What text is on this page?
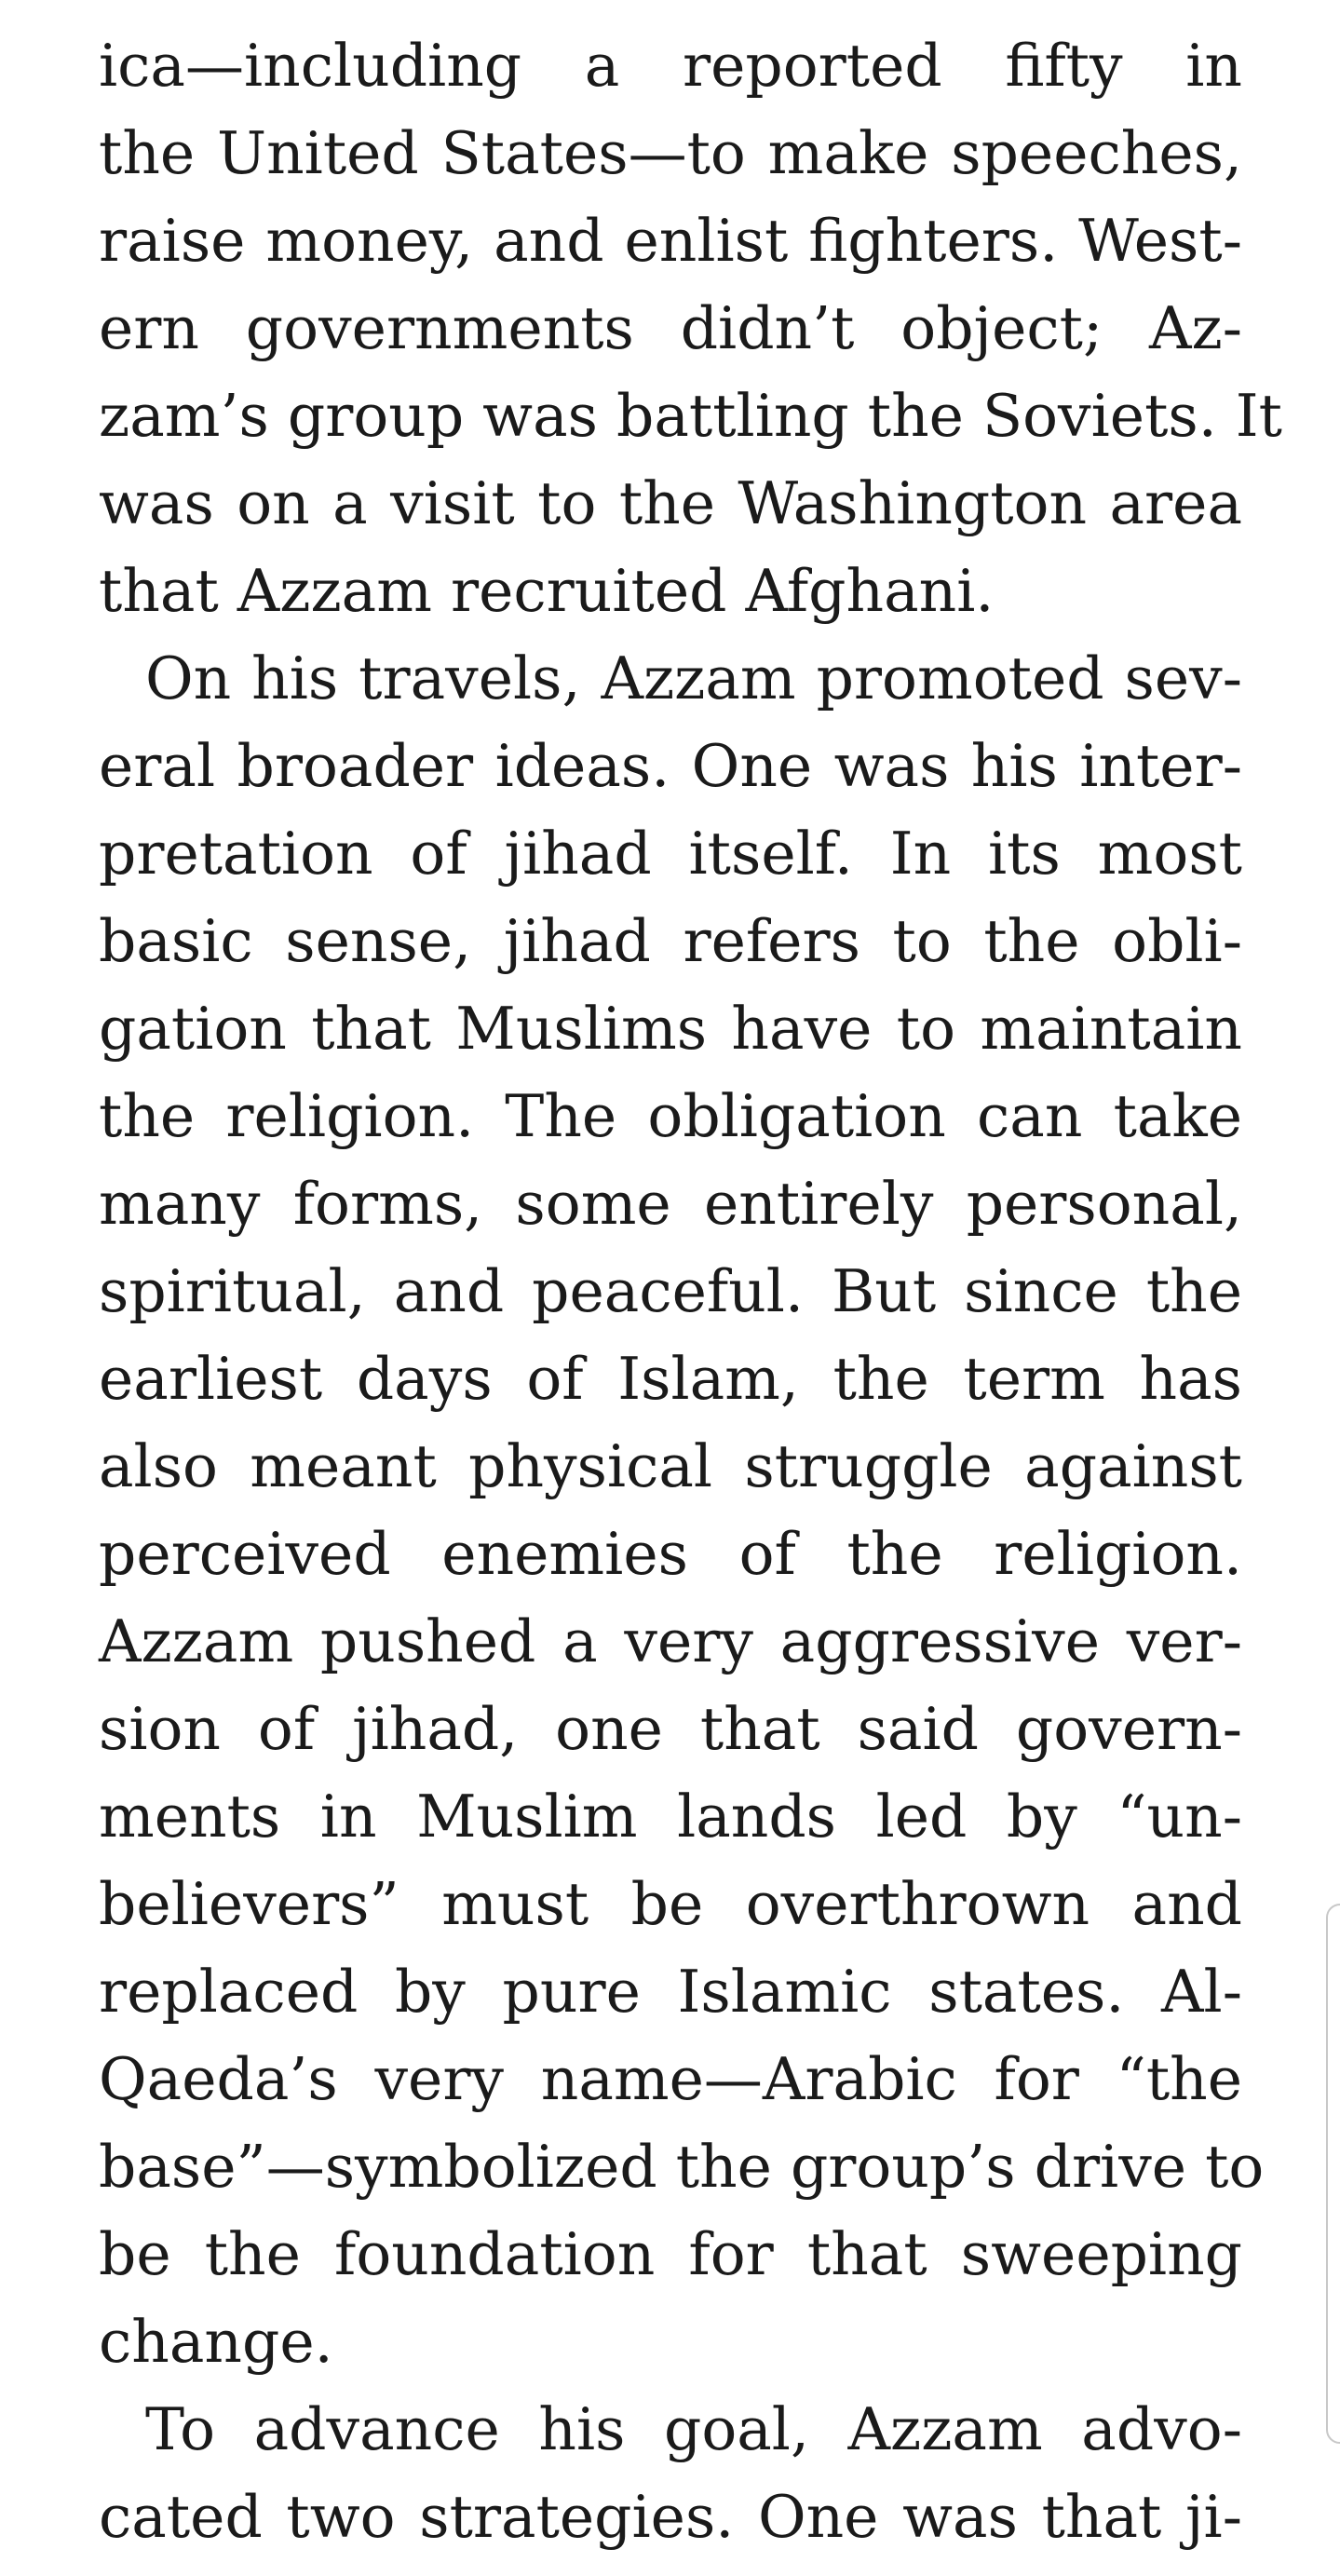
ica—including a reported fifty in
the United States—to make speeches,
raise money, and enlist fighters. West-
ern governments didn’t object; Az-
zam’s group was battling the Soviets. It
was on a visit to the Washington area
that Azzam recruited Afghani.
On his travels, Azzam promoted sev-
eral broader ideas. One was his inter-
pretation of jihad itself. In its most
basic sense, jihad refers to the obli-
gation that Muslims have to maintain
the religion. The obligation can take
many forms, some entirely personal,
spiritual, and peaceful. But since the
earliest days of Islam, the term has
also meant physical struggle against
perceived enemies of the religion.
Azzam pushed a very aggressive ver-
sion of jihad, one that said govern-
ments in Muslim lands led by “un-
believers” must be overthrown and
replaced by pure Islamic states. Al-
Qaeda’s very name—Arabic for “the
base”—symbolized the group’s drive to
be the foundation for that sweeping
change.
To advance his goal, Azzam advo-
cated two strategies. One was that ji-
